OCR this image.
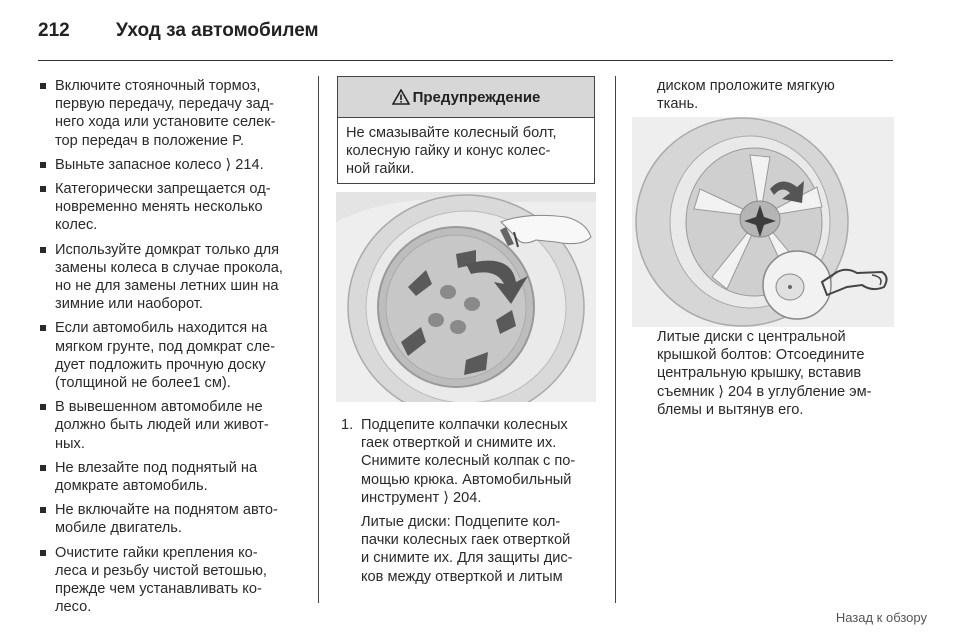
212 Уход за автомобилем
Включите стояночный тормоз,
первую передачу, передачу зад-
него хода или установите селек-
тор передач в положение P.
Выньте запасное колесо ⟩ 214.
Категорически запрещается од-
новременно менять несколько
колес.
Используйте домкрат только для
замены колеса в случае прокола,
но не для замены летних шин на
зимние или наоборот.
Если автомобиль находится на
мягком грунте, под домкрат сле-
дует подложить прочную доску
(толщиной не более1 см).
В вывешенном автомобиле не
должно быть людей или живот-
ных.
Не влезайте под поднятый на
домкрате автомобиль.
Не включайте на поднятом авто-
мобиле двигатель.
Очистите гайки крепления ко-
леса и резьбу чистой ветошью,
прежде чем устанавливать ко-
лесо.
Предупреждение
Не смазывайте колесный болт,
колесную гайку и конус колес-
ной гайки.

1. Подцепите колпачки колесных
гаек отверткой и снимите их.
Снимите колесный колпак с по-
мощью крюка. Автомобильный
инструмент ⟩ 204.

Литые диски: Подцепите кол-
пачки колесных гаек отверткой
и снимите их. Для защиты дис-
ков между отверткой и литым

диском проложите мягкую
ткань.
Литые диски с центральной
крышкой болтов: Отсоедините
центральную крышку, вставив
съемник ⟩ 204 в углубление эм-
блемы и вытянув его.
Назад к обзору
